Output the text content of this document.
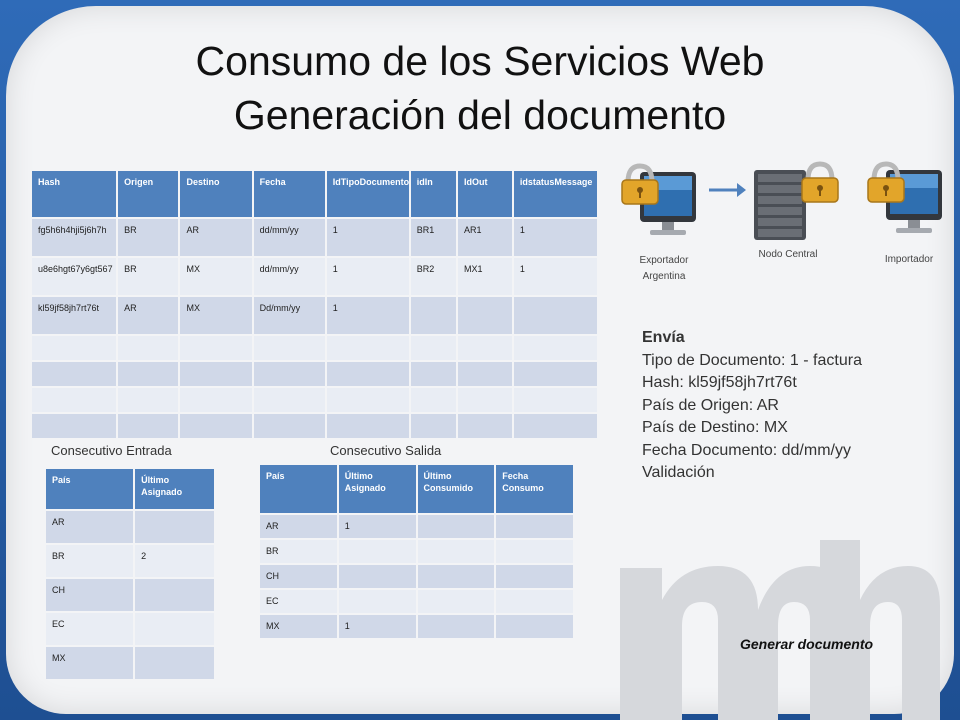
Consumo de los Servicios Web
Generación del documento
Hash	Origen	Destino	Fecha	IdTipoDocumento	idIn	IdOut	idstatusMessage
fg5h6h4hji5j6h7h	BR	AR	dd/mm/yy	1	BR1	AR1	1
u8e6hgt67y6gt567	BR	MX	dd/mm/yy	1	BR2	MX1	1
kl59jf58jh7rt76t	AR	MX	Dd/mm/yy	1			

Consecutivo Entrada	Consecutivo Salida
País	Último Asignado
AR	
BR	2
CH	
EC	
MX	
País	Último Asignado	Último Consumido	Fecha Consumo
AR	1		
BR			
CH			
EC			
MX	1		
Exportador Argentina
Nodo Central	Importador
Envía
Tipo de Documento: 1 - factura
Hash: kl59jf58jh7rt76t
País de Origen: AR
País de Destino: MX
Fecha Documento: dd/mm/yy
Validación
Generar documento
